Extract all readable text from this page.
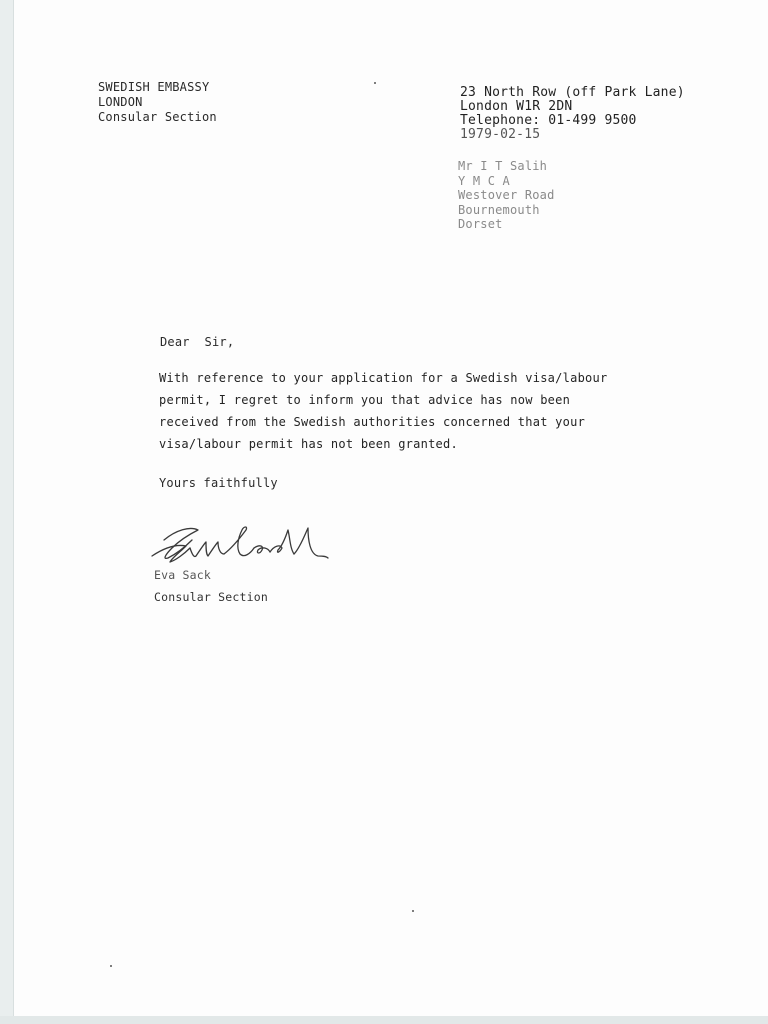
SWEDISH EMBASSY
LONDON
Consular Section
23 North Row (off Park Lane)
London W1R 2DN
Telephone: 01-499 9500
1979-02-15
Mr I T Salih
Y M C A
Westover Road
Bournemouth
Dorset
Dear  Sir,
With reference to your application for a Swedish visa/labour
permit, I regret to inform you that advice has now been
received from the Swedish authorities concerned that your
visa/labour permit has not been granted.
Yours faithfully
Eva Sack
Consular Section
